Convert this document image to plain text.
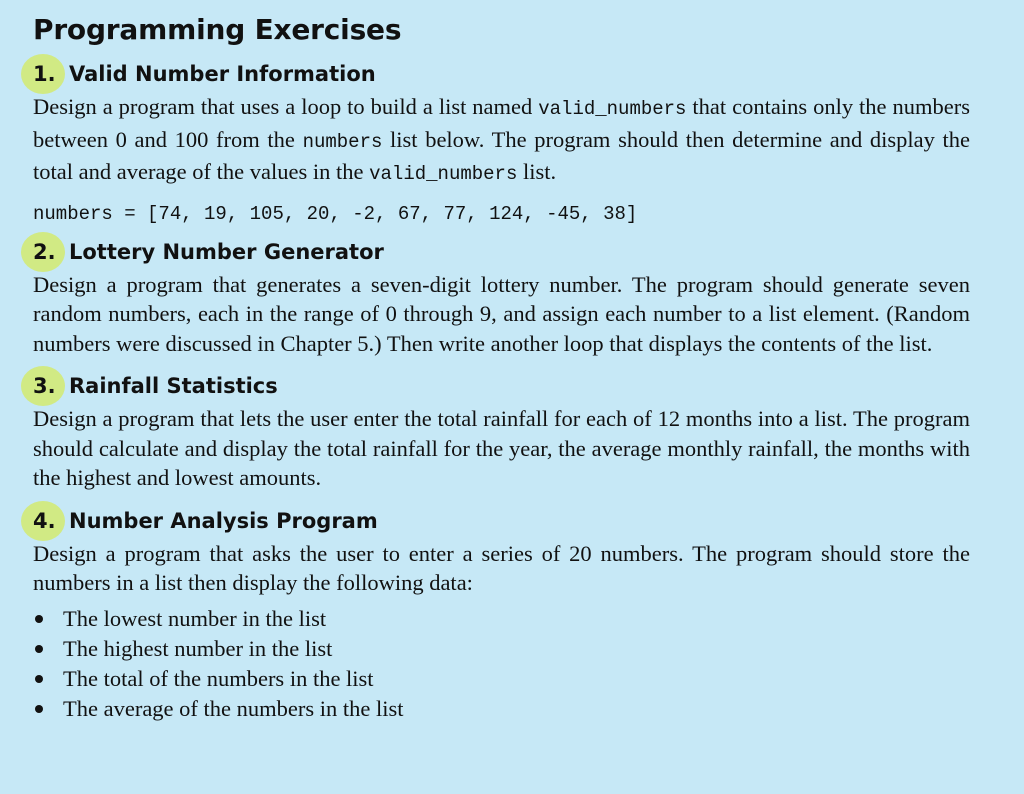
Programming Exercises
1. Valid Number Information

Design a program that uses a loop to build a list named valid_numbers that contains only the numbers between 0 and 100 from the numbers list below. The program should then determine and display the total and average of the values in the valid_numbers list.

numbers = [74, 19, 105, 20, -2, 67, 77, 124, -45, 38]
2. Lottery Number Generator

Design a program that generates a seven-digit lottery number. The program should generate seven random numbers, each in the range of 0 through 9, and assign each number to a list element. (Random numbers were discussed in Chapter 5.) Then write another loop that displays the contents of the list.

3. Rainfall Statistics

Design a program that lets the user enter the total rainfall for each of 12 months into a list. The program should calculate and display the total rainfall for the year, the average monthly rainfall, the months with the highest and lowest amounts.

4. Number Analysis Program

Design a program that asks the user to enter a series of 20 numbers. The program should store the numbers in a list then display the following data:

The lowest number in the list
The highest number in the list
The total of the numbers in the list
The average of the numbers in the list
